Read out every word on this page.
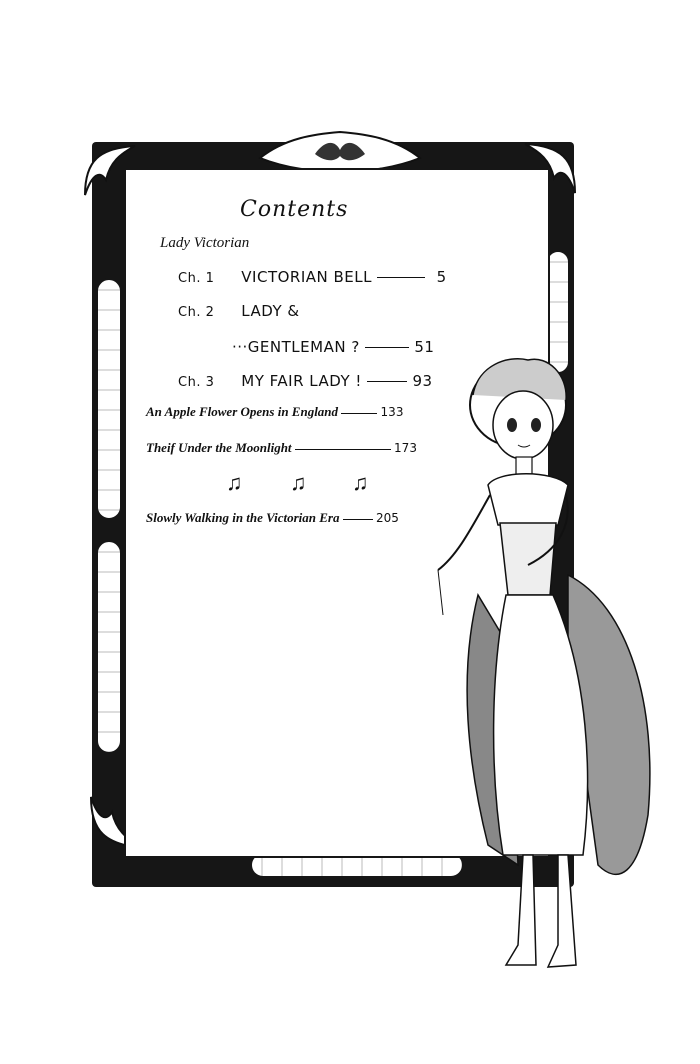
Contents
Lady Victorian
Ch. 1 VICTORIAN BELL	5
Ch. 2 LADY &
···GENTLEMAN ?	51
Ch. 3 MY FAIR LADY !	93
An Apple Flower Opens in England	133
Theif Under the Moonlight	173
♫ ♫ ♫
Slowly Walking in the Victorian Era	205
